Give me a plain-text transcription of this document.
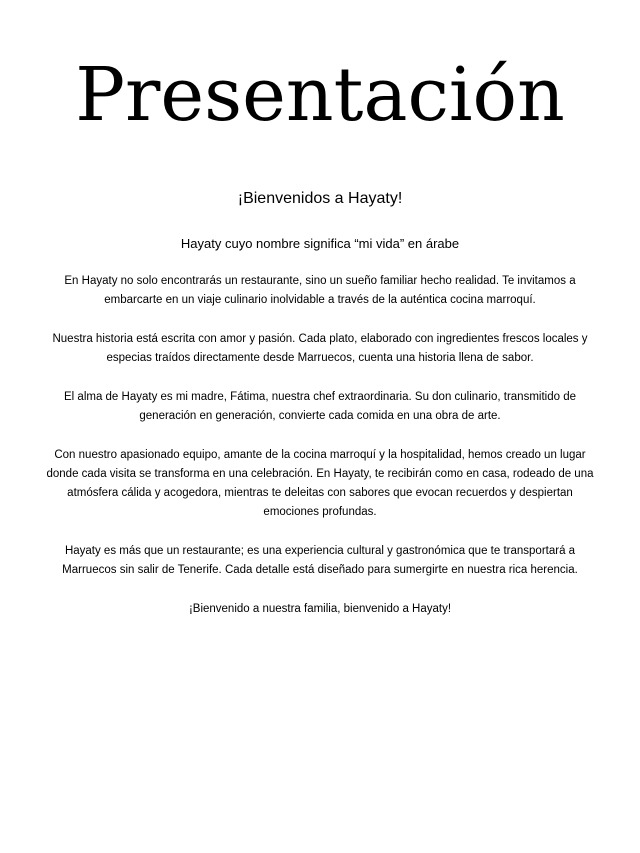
Presentación

¡Bienvenidos a Hayaty!

Hayaty cuyo nombre significa “mi vida” en árabe

En Hayaty no solo encontrarás un restaurante, sino un sueño familiar hecho realidad. Te invitamos a embarcarte en un viaje culinario inolvidable a través de la auténtica cocina marroquí.

Nuestra historia está escrita con amor y pasión. Cada plato, elaborado con ingredientes frescos locales y especias traídos directamente desde Marruecos, cuenta una historia llena de sabor.

El alma de Hayaty es mi madre, Fátima, nuestra chef extraordinaria. Su don culinario, transmitido de generación en generación, convierte cada comida en una obra de arte.

Con nuestro apasionado equipo, amante de la cocina marroquí y la hospitalidad, hemos creado un lugar donde cada visita se transforma en una celebración. En Hayaty, te recibirán como en casa, rodeado de una atmósfera cálida y acogedora, mientras te deleitas con sabores que evocan recuerdos y despiertan emociones profundas.

Hayaty es más que un restaurante; es una experiencia cultural y gastronómica que te transportará a Marruecos sin salir de Tenerife. Cada detalle está diseñado para sumergirte en nuestra rica herencia.

¡Bienvenido a nuestra familia, bienvenido a Hayaty!
